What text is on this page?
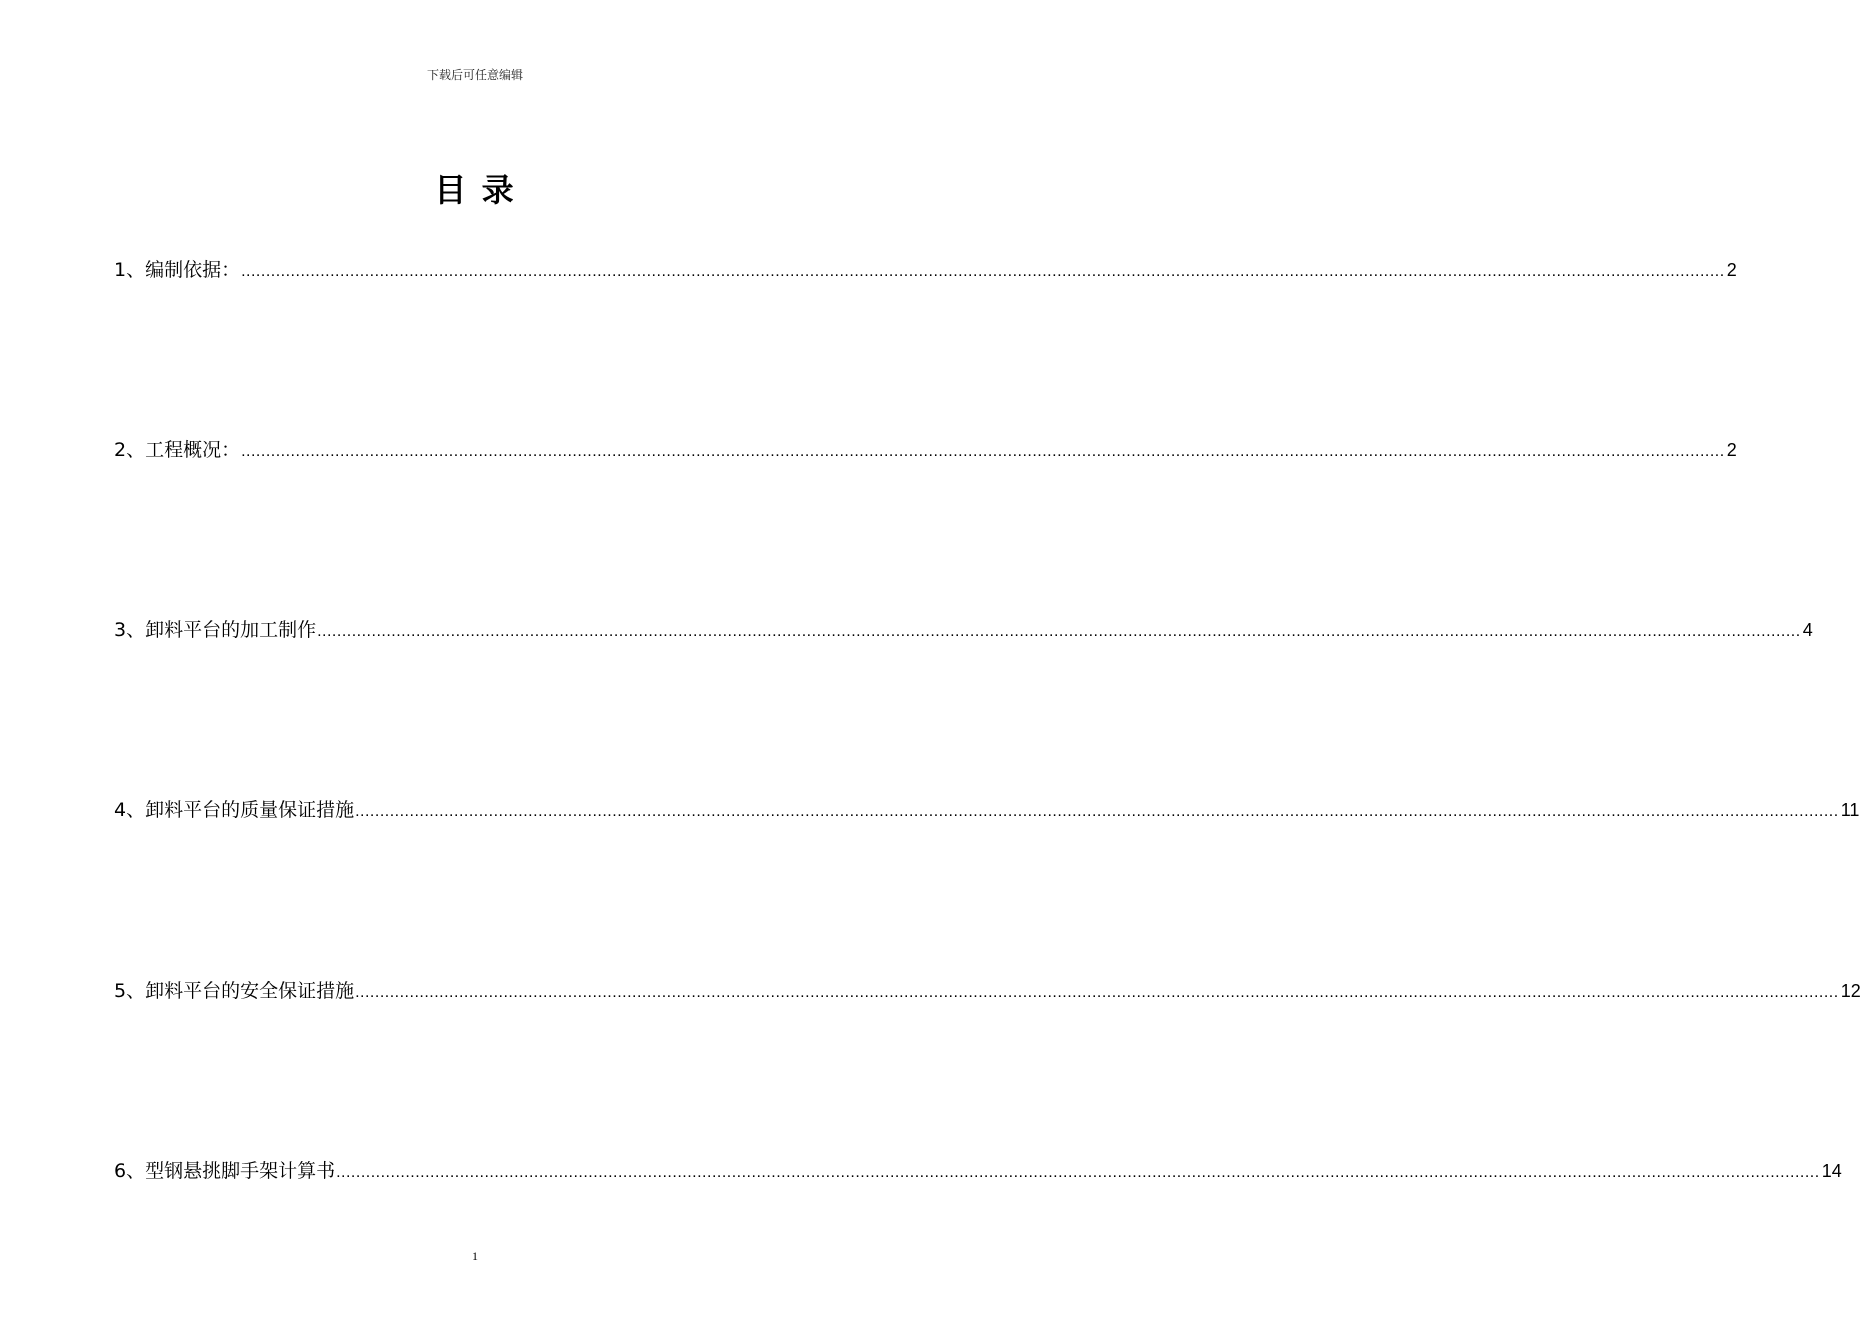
下载后可任意编辑
目 录
1、编制依据： ............................................................................................................................................................................................................................................................................................................ 2
2、工程概况： ............................................................................................................................................................................................................................................................................................................ 2
3、卸料平台的加工制作 ............................................................................................................................................................................................................................................................................................................ 4
4、卸料平台的质量保证措施 ............................................................................................................................................................................................................................................................................................................ 11
5、卸料平台的安全保证措施 ............................................................................................................................................................................................................................................................................................................ 12
6、型钢悬挑脚手架计算书 ............................................................................................................................................................................................................................................................................................................ 14
1
